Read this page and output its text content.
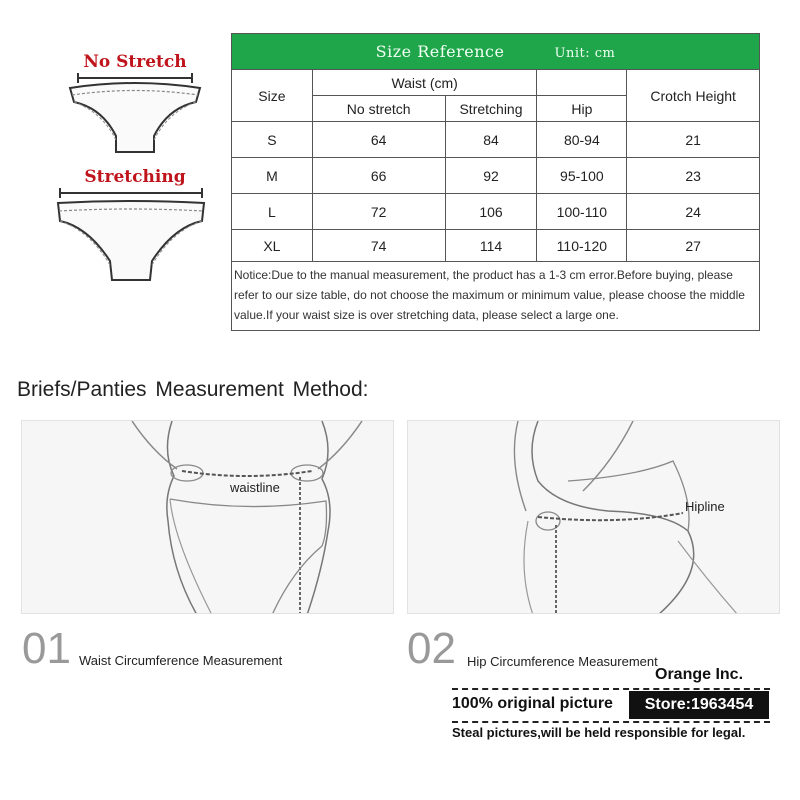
No Stretch
Stretching
Size Reference Unit: cm				
Size	Waist (cm)			Crotch Height
	No stretch	Stretching	Hip	
S	64	84	80-94	21
M	66	92	95-100	23
L	72	106	100-110	24
XL	74	114	110-120	27
Notice:Due to the manual measurement, the product has a 1-3 cm error.Before buying, please refer to our size table, do not choose the maximum or minimum value, please choose the middle value.If your waist size is over stretching data, please select a large one.				
Briefs/Panties Measurement Method:
waistline
Hipline
01 Waist Circumference Measurement	02 Hip Circumference Measurement
Orange Inc.
100% original picture	Store:1963454
Steal pictures,will be held responsible for legal.
